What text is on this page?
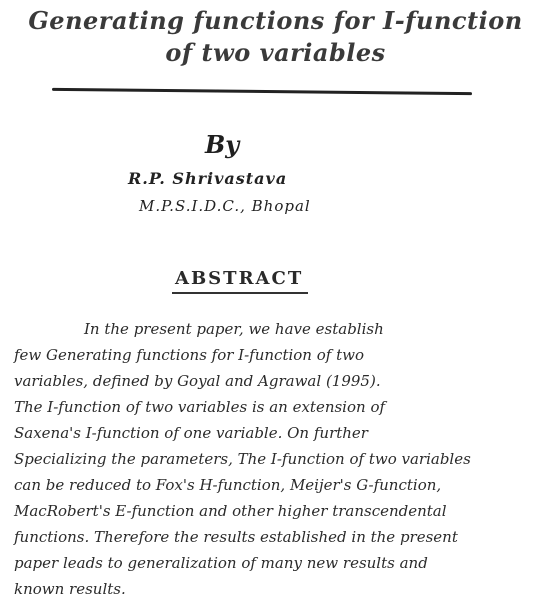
Generating functions for I-function
of two variables
By
R.P. Shrivastava
M.P.S.I.D.C., Bhopal
ABSTRACT
In the present paper, we have establish
few Generating functions for I-function of two
variables, defined by Goyal and Agrawal (1995).
The I-function of two variables is an extension of
Saxena's I-function of one variable. On further
Specializing the parameters, The I-function of two variables
can be reduced to Fox's H-function, Meijer's G-function,
MacRobert's E-function and other higher transcendental
functions. Therefore the results established in the present
paper leads to generalization of many new results and
known results.
